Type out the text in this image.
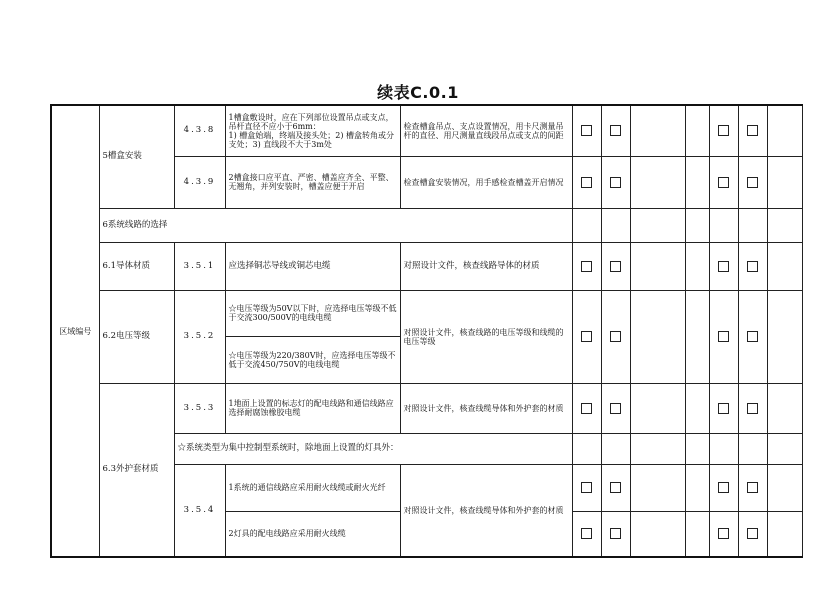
续表C.0.1
区域编号	5槽盒安装	4.3.8	1槽盒敷设时，应在下列部位设置吊点或支点，吊杆直径不应小于6mm：
1) 槽盒始端，终端及接头处；2) 槽盒转角或分支处；3) 直线段不大于3m处	检查槽盒吊点、支点设置情况，用卡尺测量吊杆的直径、用尺测量直线段吊点或支点的间距							
		4.3.9	2槽盒接口应平直、严密、槽盖应齐全、平整、无翘角，并列安装时，槽盖应便于开启	检查槽盒安装情况，用手感检查槽盖开启情况							
	6系统线路的选择										
	6.1导体材质	3.5.1	应选择铜芯导线或铜芯电缆	对照设计文件，核查线路导体的材质							
	6.2电压等级	3.5.2	☆电压等级为50V以下时，应选择电压等级不低于交流300/500V的电线电缆	对照设计文件，核查线路的电压等级和线缆的电压等级							
			☆电压等级为220/380V时，应选择电压等级不低于交流450/750V的电线电缆								
	6.3外护套材质	3.5.3	1地面上设置的标志灯的配电线路和通信线路应选择耐腐蚀橡胶电缆	对照设计文件，核查线缆导体和外护套的材质							
		☆系统类型为集中控制型系统时，除地面上设置的灯具外：									
		3.5.4	1系统的通信线路应采用耐火线缆或耐火光纤	对照设计文件，核查线缆导体和外护套的材质							
			2灯具的配电线路应采用耐火线缆								
